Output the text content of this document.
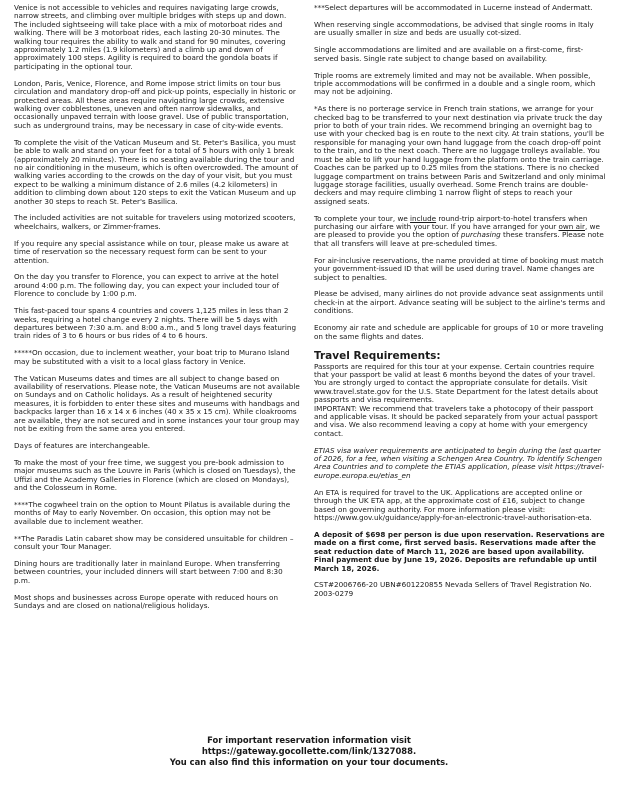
Venice is not accessible to vehicles and requires navigating large crowds, narrow streets, and climbing over multiple bridges with steps up and down. The included sightseeing will take place with a mix of motorboat rides and walking. There will be 3 motorboat rides, each lasting 20-30 minutes. The walking tour requires the ability to walk and stand for 90 minutes, covering approximately 1.2 miles (1.9 kilometers) and a climb up and down of approximately 100 steps. Agility is required to board the gondola boats if participating in the optional tour.

London, Paris, Venice, Florence, and Rome impose strict limits on tour bus circulation and mandatory drop-off and pick-up points, especially in historic or protected areas. All these areas require navigating large crowds, extensive walking over cobblestones, uneven and often narrow sidewalks, and occasionally unpaved terrain with loose gravel. Use of public transportation, such as underground trains, may be necessary in case of city-wide events.

To complete the visit of the Vatican Museum and St. Peter's Basilica, you must be able to walk and stand on your feet for a total of 5 hours with only 1 break (approximately 20 minutes). There is no seating available during the tour and no air conditioning in the museum, which is often overcrowded. The amount of walking varies according to the crowds on the day of your visit, but you must expect to be walking a minimum distance of 2.6 miles (4.2 kilometers) in addition to climbing down about 120 steps to exit the Vatican Museum and up another 30 steps to reach St. Peter's Basilica.

The included activities are not suitable for travelers using motorized scooters, wheelchairs, walkers, or Zimmer-frames.

If you require any special assistance while on tour, please make us aware at time of reservation so the necessary request form can be sent to your attention.

On the day you transfer to Florence, you can expect to arrive at the hotel around 4:00 p.m. The following day, you can expect your included tour of Florence to conclude by 1:00 p.m.

This fast-paced tour spans 4 countries and covers 1,125 miles in less than 2 weeks, requiring a hotel change every 2 nights. There will be 5 days with departures between 7:30 a.m. and 8:00 a.m., and 5 long travel days featuring train rides of 3 to 6 hours or bus rides of 4 to 6 hours.

*****On occasion, due to inclement weather, your boat trip to Murano Island may be substituted with a visit to a local glass factory in Venice.

The Vatican Museums dates and times are all subject to change based on availability of reservations. Please note, the Vatican Museums are not available on Sundays and on Catholic holidays. As a result of heightened security measures, it is forbidden to enter these sites and museums with handbags and backpacks larger than 16 x 14 x 6 inches (40 x 35 x 15 cm). While cloakrooms are available, they are not secured and in some instances your tour group may not be exiting from the same area you entered.

Days of features are interchangeable.

To make the most of your free time, we suggest you pre-book admission to major museums such as the Louvre in Paris (which is closed on Tuesdays), the Uffizi and the Academy Galleries in Florence (which are closed on Mondays), and the Colosseum in Rome.

****The cogwheel train on the option to Mount Pilatus is available during the months of May to early November. On occasion, this option may not be available due to inclement weather.

**The Paradis Latin cabaret show may be considered unsuitable for children – consult your Tour Manager.

Dining hours are traditionally later in mainland Europe. When transferring between countries, your included dinners will start between 7:00 and 8:30 p.m.

Most shops and businesses across Europe operate with reduced hours on Sundays and are closed on national/religious holidays.

***Select departures will be accommodated in Lucerne instead of Andermatt.

When reserving single accommodations, be advised that single rooms in Italy are usually smaller in size and beds are usually cot-sized.

Single accommodations are limited and are available on a first-come, first-served basis. Single rate subject to change based on availability.

Triple rooms are extremely limited and may not be available. When possible, triple accommodations will be confirmed in a double and a single room, which may not be adjoining.

*As there is no porterage service in French train stations, we arrange for your checked bag to be transferred to your next destination via private truck the day prior to both of your train rides. We recommend bringing an overnight bag to use with your checked bag is en route to the next city. At train stations, you'll be responsible for managing your own hand luggage from the coach drop-off point to the train, and to the next coach. There are no luggage trolleys available. You must be able to lift your hand luggage from the platform onto the train carriage. Coaches can be parked up to 0.25 miles from the stations. There is no checked luggage compartment on trains between Paris and Switzerland and only minimal luggage storage facilities, usually overhead. Some French trains are double-deckers and may require climbing 1 narrow flight of steps to reach your assigned seats.

To complete your tour, we include round-trip airport-to-hotel transfers when purchasing our airfare with your tour. If you have arranged for your own air, we are pleased to provide you the option of purchasing these transfers. Please note that all transfers will leave at pre-scheduled times.

For air-inclusive reservations, the name provided at time of booking must match your government-issued ID that will be used during travel. Name changes are subject to penalties.

Please be advised, many airlines do not provide advance seat assignments until check-in at the airport. Advance seating will be subject to the airline's terms and conditions.

Economy air rate and schedule are applicable for groups of 10 or more traveling on the same flights and dates.

Travel Requirements:

Passports are required for this tour at your expense. Certain countries require that your passport be valid at least 6 months beyond the dates of your travel. You are strongly urged to contact the appropriate consulate for details. Visit www.travel.state.gov for the U.S. State Department for the latest details about passports and visa requirements.

IMPORTANT: We recommend that travelers take a photocopy of their passport and applicable visas. It should be packed separately from your actual passport and visa. We also recommend leaving a copy at home with your emergency contact.

ETIAS visa waiver requirements are anticipated to begin during the last quarter of 2026, for a fee, when visiting a Schengen Area Country. To identify Schengen Area Countries and to complete the ETIAS application, please visit https://travel-europe.europa.eu/etias_en

An ETA is required for travel to the UK. Applications are accepted online or through the UK ETA app, at the approximate cost of £16, subject to change based on governing authority. For more information please visit: https://www.gov.uk/guidance/apply-for-an-electronic-travel-authorisation-eta.

A deposit of $698 per person is due upon reservation. Reservations are made on a first come, first served basis. Reservations made after the seat reduction date of March 11, 2026 are based upon availability. Final payment due by June 19, 2026. Deposits are refundable up until March 18, 2026.

CST#2006766-20 UBN#601220855 Nevada Sellers of Travel Registration No. 2003-0279

For important reservation information visit
https://gateway.gocollette.com/link/1327088.
You can also find this information on your tour documents.
